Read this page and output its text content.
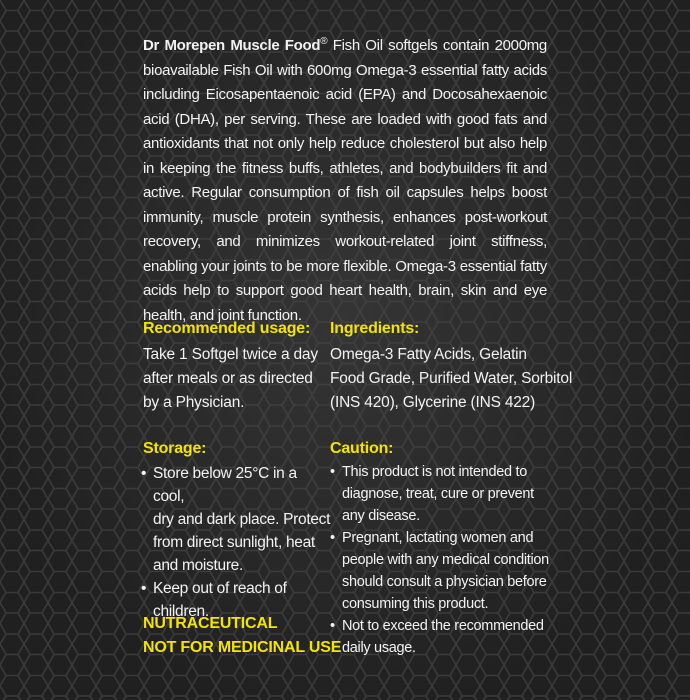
Dr Morepen Muscle Food® Fish Oil softgels contain 2000mg bioavailable Fish Oil with 600mg Omega-3 essential fatty acids including Eicosapentaenoic acid (EPA) and Docosahexaenoic acid (DHA), per serving. These are loaded with good fats and antioxidants that not only help reduce cholesterol but also help in keeping the fitness buffs, athletes, and bodybuilders fit and active. Regular consumption of fish oil capsules helps boost immunity, muscle protein synthesis, enhances post-workout recovery, and minimizes workout-related joint stiffness, enabling your joints to be more flexible. Omega-3 essential fatty acids help to support good heart health, brain, skin and eye health, and joint function.

Recommended usage:
Take 1 Softgel twice a day
after meals or as directed
by a Physician.
Ingredients:
Omega-3 Fatty Acids, Gelatin
Food Grade, Purified Water, Sorbitol
(INS 420), Glycerine (INS 422)
Storage:
• Store below 25°C in a cool,
dry and dark place. Protect
from direct sunlight, heat
and moisture.
• Keep out of reach of children.
Caution:
• This product is not intended to
diagnose, treat, cure or prevent
any disease.
• Pregnant, lactating women and
people with any medical condition
should consult a physician before
consuming this product.
• Not to exceed the recommended
daily usage.
NUTRACEUTICAL
NOT FOR MEDICINAL USE
